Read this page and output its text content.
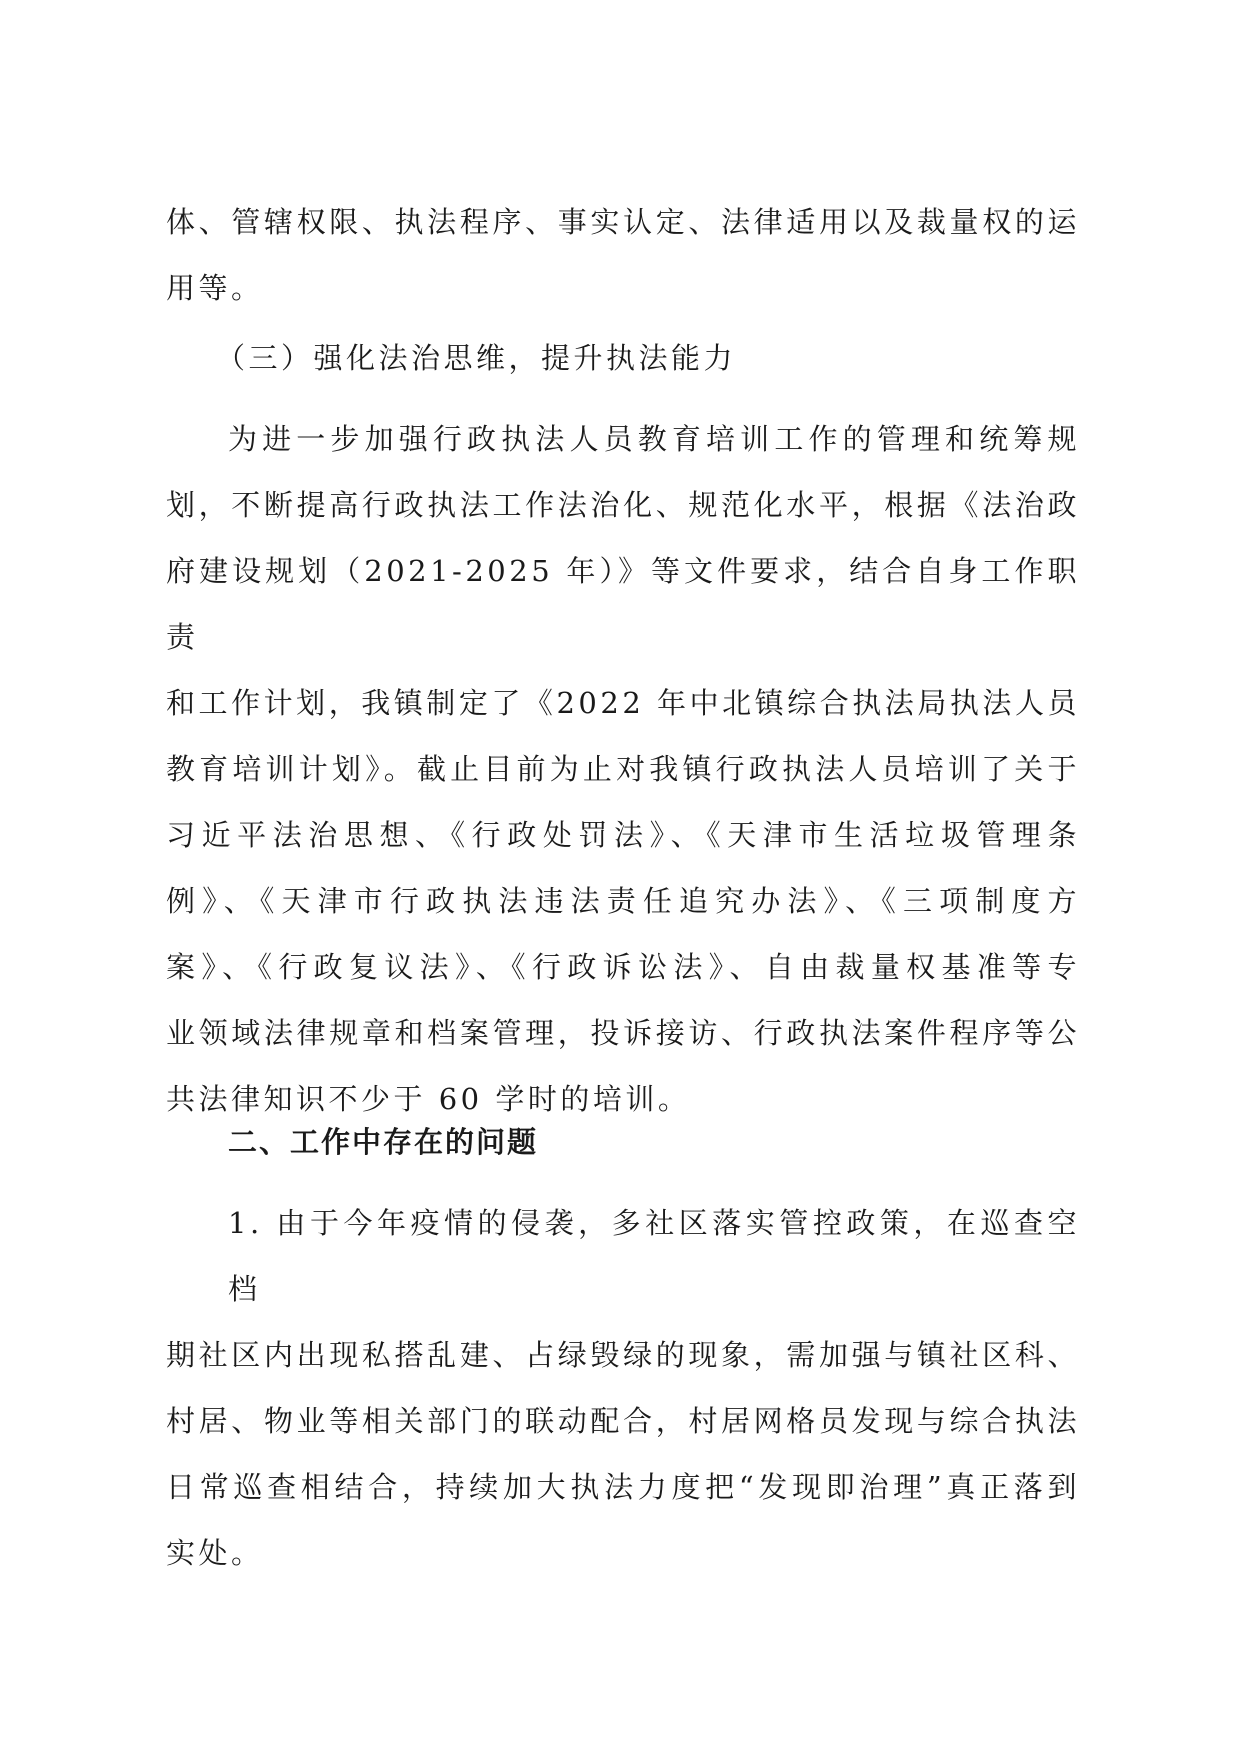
体、管辖权限、执法程序、事实认定、法律适用以及裁量权的运
用等。
（三）强化法治思维，提升执法能力
为进一步加强行政执法人员教育培训工作的管理和统筹规
划，不断提高行政执法工作法治化、规范化水平，根据《法治政
府建设规划（2021-2025 年）》等文件要求，结合自身工作职责
和工作计划，我镇制定了《2022 年中北镇综合执法局执法人员
教育培训计划》。截止目前为止对我镇行政执法人员培训了关于
习近平法治思想、《行政处罚法》、《天津市生活垃圾管理条
例》、《天津市行政执法违法责任追究办法》、《三项制度方
案》、《行政复议法》、《行政诉讼法》、自由裁量权基准等专
业领域法律规章和档案管理，投诉接访、行政执法案件程序等公
共法律知识不少于 60 学时的培训。
二、工作中存在的问题
1. 由于今年疫情的侵袭，多社区落实管控政策，在巡查空档
期社区内出现私搭乱建、占绿毁绿的现象，需加强与镇社区科、
村居、物业等相关部门的联动配合，村居网格员发现与综合执法
日常巡查相结合，持续加大执法力度把“发现即治理”真正落到
实处。
